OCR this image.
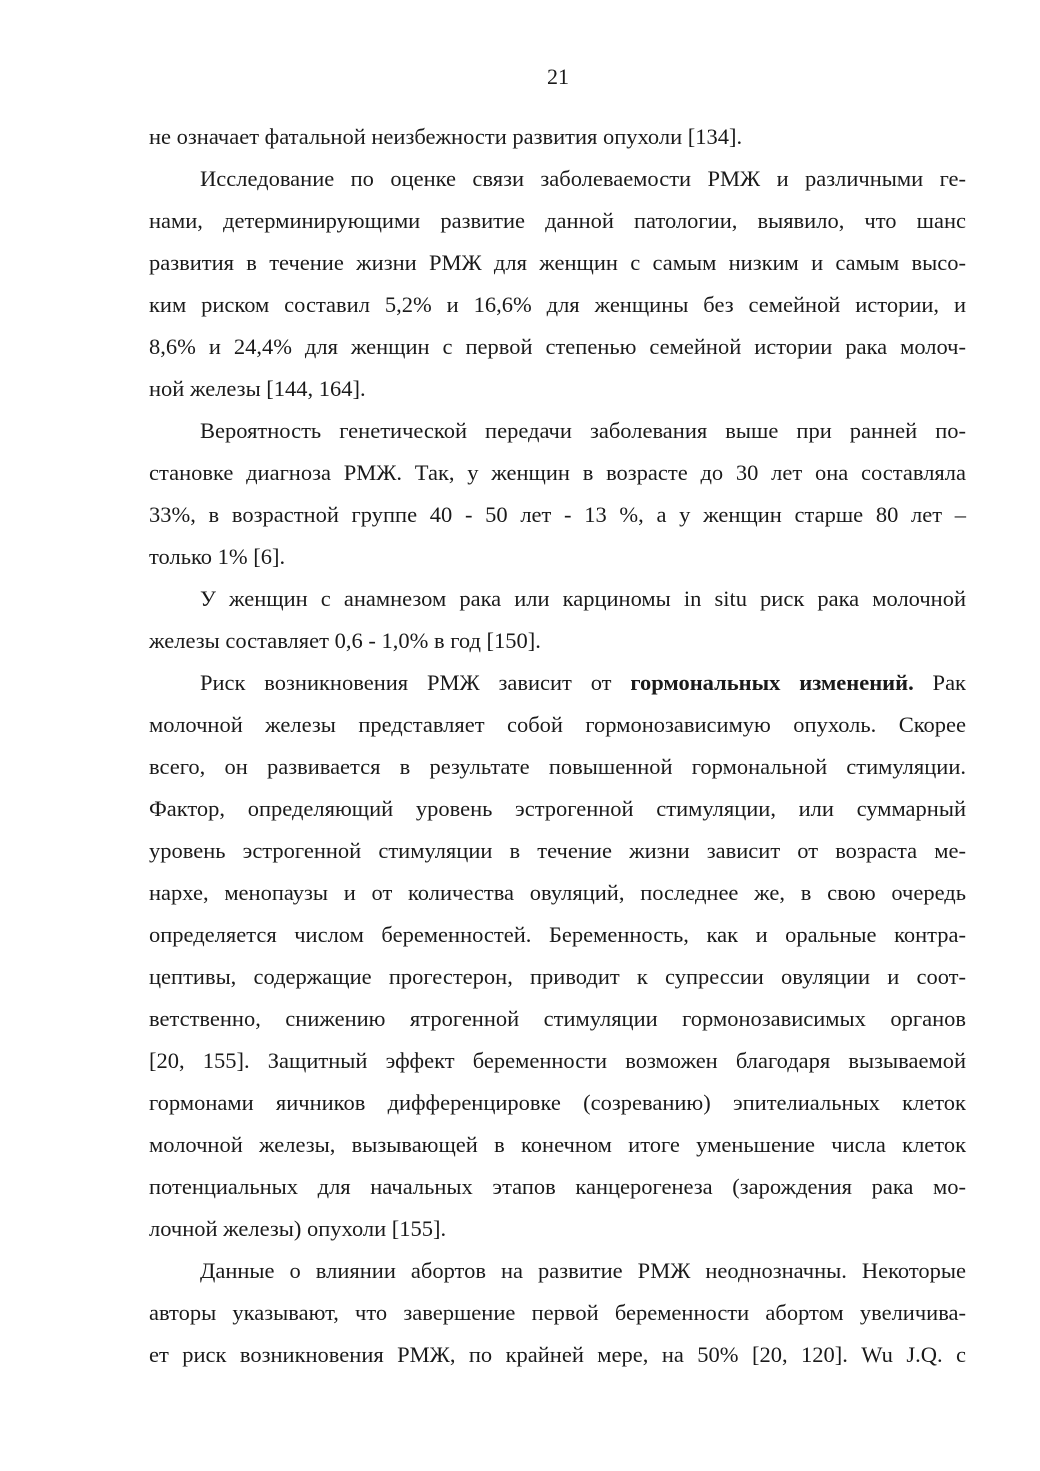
21
не означает фатальной неизбежности развития опухоли [134].
Исследование по оценке связи заболеваемости РМЖ и различными ге-
нами, детерминирующими развитие данной патологии, выявило, что шанс
развития в течение жизни РМЖ для женщин с самым низким и самым высо-
ким риском составил 5,2% и 16,6% для женщины без семейной истории, и
8,6% и 24,4% для женщин с первой степенью семейной истории рака молоч-
ной железы [144, 164].
Вероятность генетической передачи заболевания выше при ранней по-
становке диагноза РМЖ. Так, у женщин в возрасте до 30 лет она составляла
33%, в возрастной группе 40 - 50 лет - 13 %, а у женщин старше 80 лет –
только 1% [6].
У женщин с анамнезом рака или карциномы in situ риск рака молочной
железы составляет 0,6 - 1,0% в год [150].
Риск возникновения РМЖ зависит от гормональных изменений. Рак
молочной железы представляет собой гормонозависимую опухоль. Скорее
всего, он развивается в результате повышенной гормональной стимуляции.
Фактор, определяющий уровень эстрогенной стимуляции, или суммарный
уровень эстрогенной стимуляции в течение жизни зависит от возраста ме-
нархе, менопаузы и от количества овуляций, последнее же, в свою очередь
определяется числом беременностей. Беременность, как и оральные контра-
цептивы, содержащие прогестерон, приводит к супрессии овуляции и соот-
ветственно, снижению ятрогенной стимуляции гормонозависимых органов
[20, 155]. Защитный эффект беременности возможен благодаря вызываемой
гормонами яичников дифференцировке (созреванию) эпителиальных клеток
молочной железы, вызывающей в конечном итоге уменьшение числа клеток
потенциальных для начальных этапов канцерогенеза (зарождения рака мо-
лочной железы) опухоли [155].
Данные о влиянии абортов на развитие РМЖ неоднозначны. Некоторые
авторы указывают, что завершение первой беременности абортом увеличива-
ет риск возникновения РМЖ, по крайней мере, на 50% [20, 120]. Wu J.Q. с
